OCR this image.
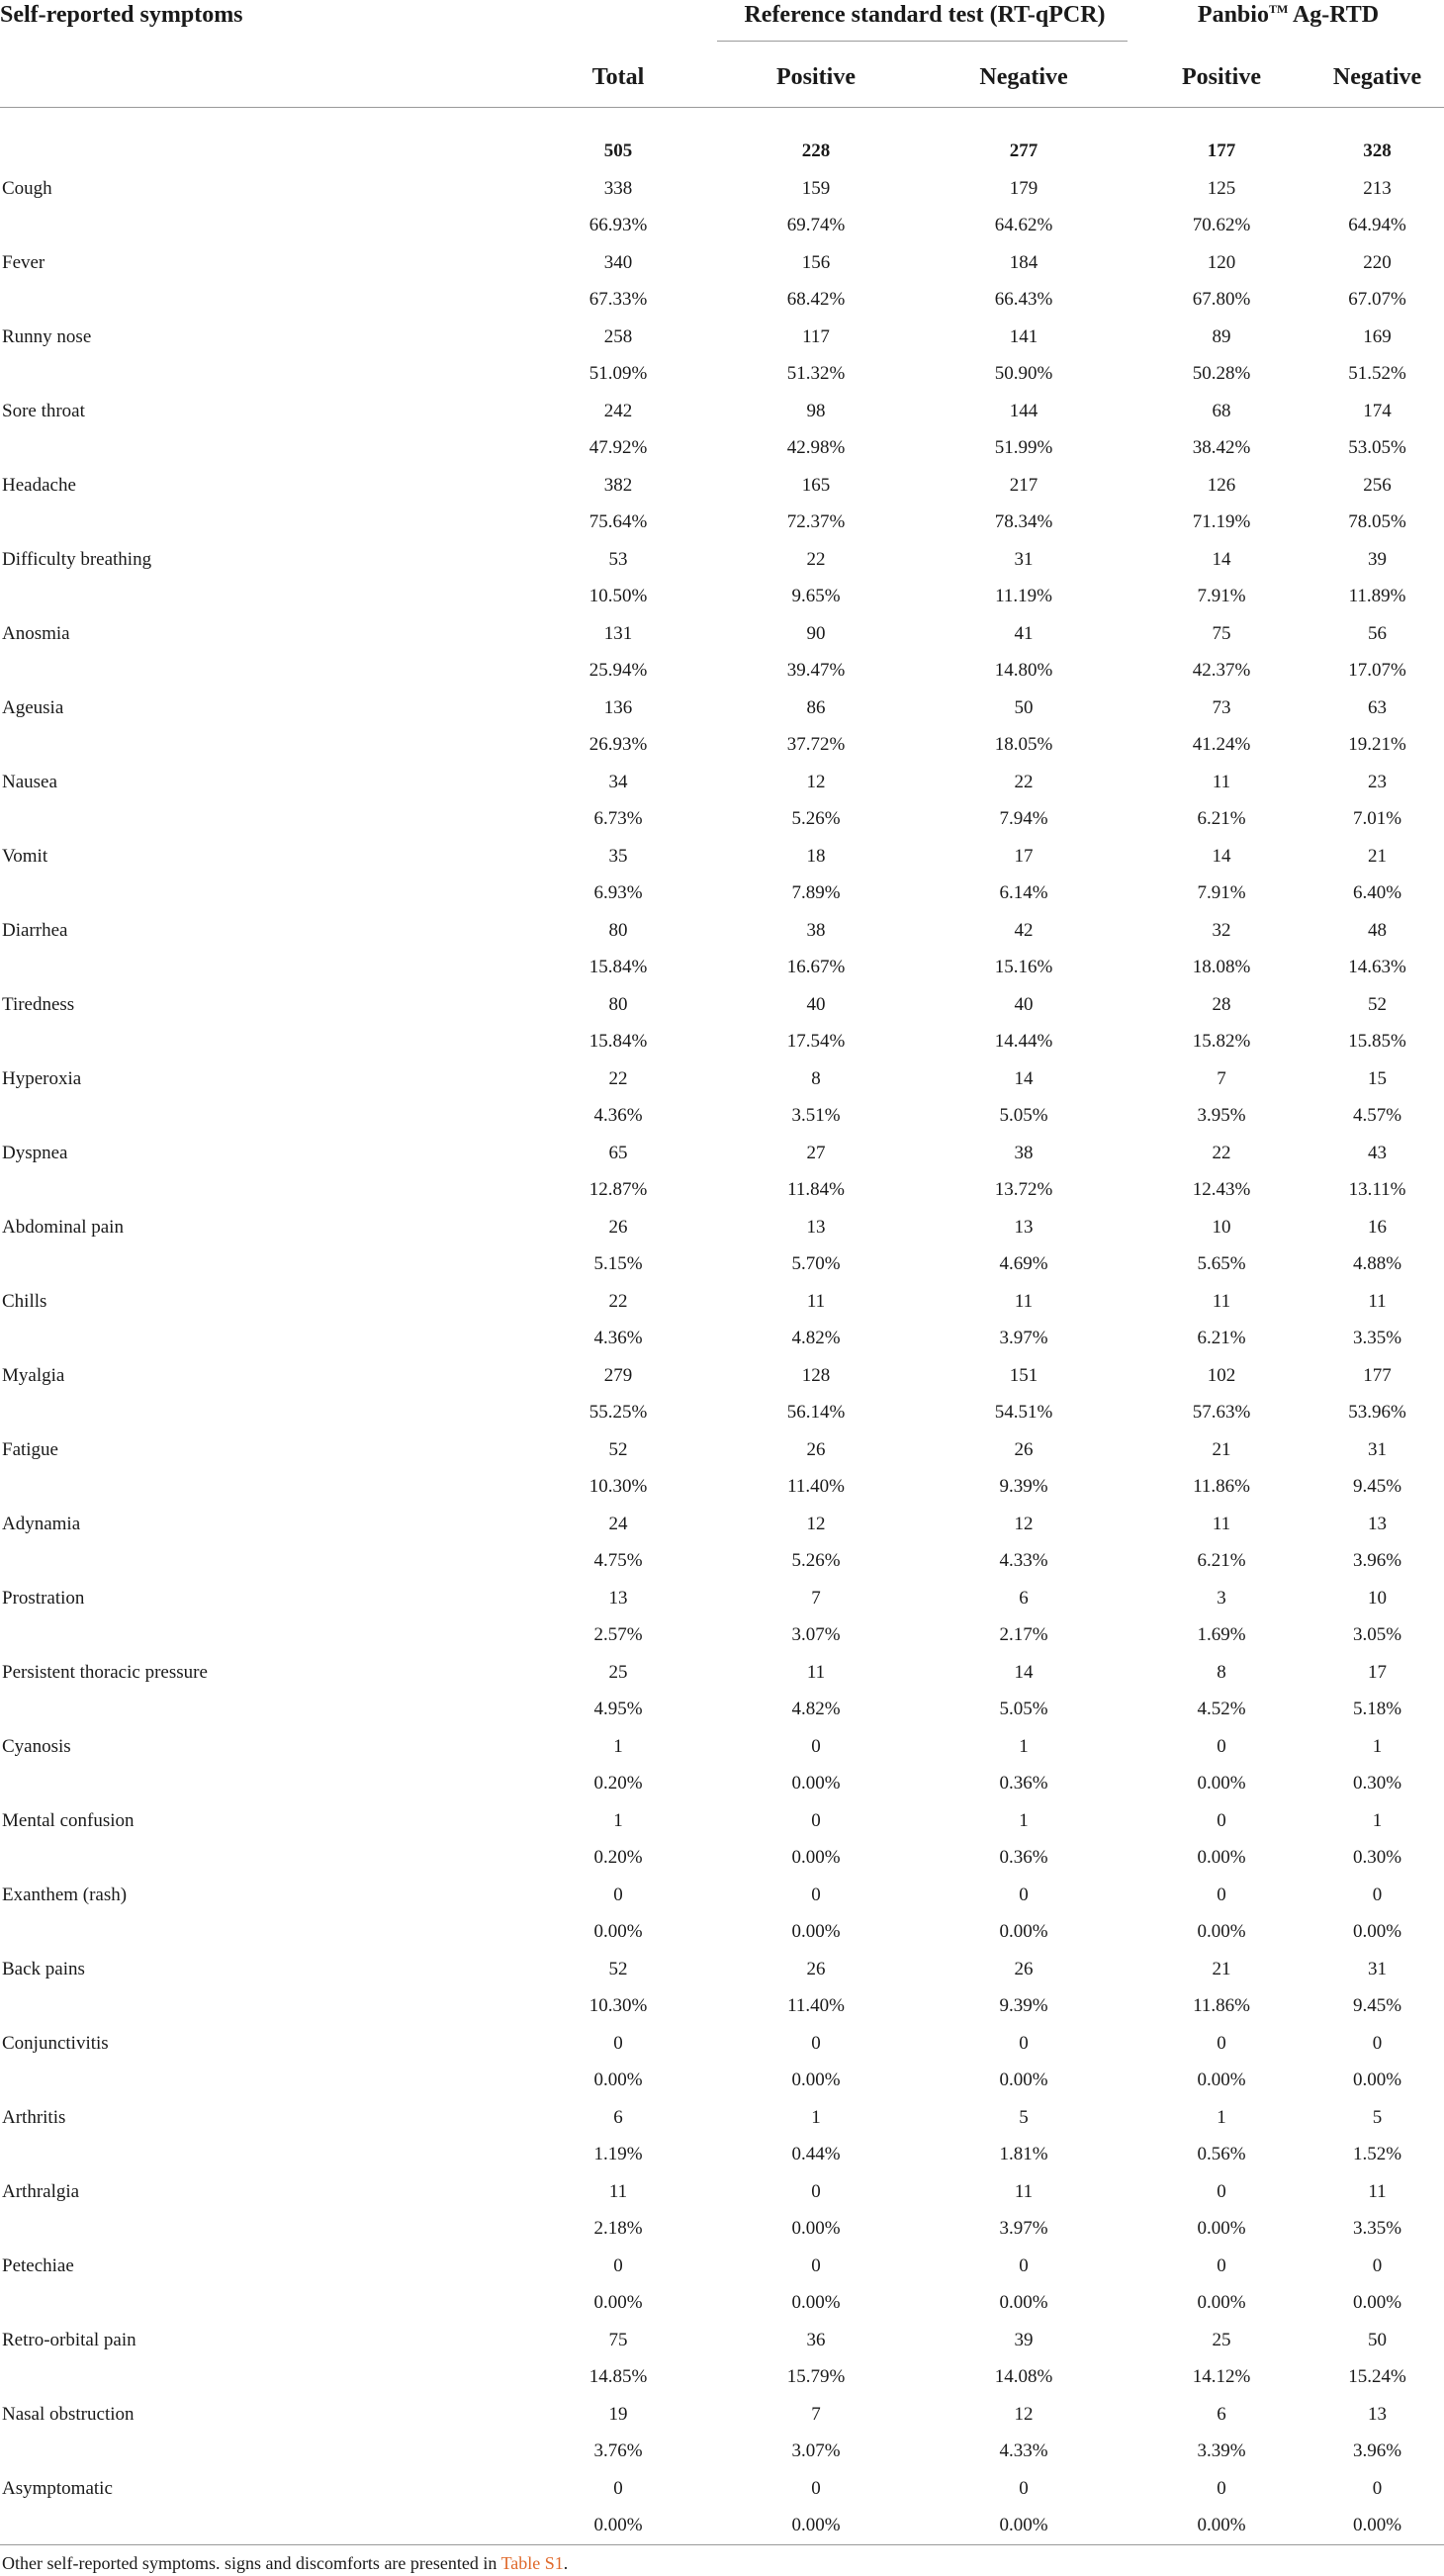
Self-reported symptoms		Reference standard test (RT-qPCR)		Panbio™ Ag-RTD	
	Total	Positive	Negative	Positive	Negative

	505	228	277	177	328
Cough	338	159	179	125	213
	66.93%	69.74%	64.62%	70.62%	64.94%
Fever	340	156	184	120	220
	67.33%	68.42%	66.43%	67.80%	67.07%
Runny nose	258	117	141	89	169
	51.09%	51.32%	50.90%	50.28%	51.52%
Sore throat	242	98	144	68	174
	47.92%	42.98%	51.99%	38.42%	53.05%
Headache	382	165	217	126	256
	75.64%	72.37%	78.34%	71.19%	78.05%
Difficulty breathing	53	22	31	14	39
	10.50%	9.65%	11.19%	7.91%	11.89%
Anosmia	131	90	41	75	56
	25.94%	39.47%	14.80%	42.37%	17.07%
Ageusia	136	86	50	73	63
	26.93%	37.72%	18.05%	41.24%	19.21%
Nausea	34	12	22	11	23
	6.73%	5.26%	7.94%	6.21%	7.01%
Vomit	35	18	17	14	21
	6.93%	7.89%	6.14%	7.91%	6.40%
Diarrhea	80	38	42	32	48
	15.84%	16.67%	15.16%	18.08%	14.63%
Tiredness	80	40	40	28	52
	15.84%	17.54%	14.44%	15.82%	15.85%
Hyperoxia	22	8	14	7	15
	4.36%	3.51%	5.05%	3.95%	4.57%
Dyspnea	65	27	38	22	43
	12.87%	11.84%	13.72%	12.43%	13.11%
Abdominal pain	26	13	13	10	16
	5.15%	5.70%	4.69%	5.65%	4.88%
Chills	22	11	11	11	11
	4.36%	4.82%	3.97%	6.21%	3.35%
Myalgia	279	128	151	102	177
	55.25%	56.14%	54.51%	57.63%	53.96%
Fatigue	52	26	26	21	31
	10.30%	11.40%	9.39%	11.86%	9.45%
Adynamia	24	12	12	11	13
	4.75%	5.26%	4.33%	6.21%	3.96%
Prostration	13	7	6	3	10
	2.57%	3.07%	2.17%	1.69%	3.05%
Persistent thoracic pressure	25	11	14	8	17
	4.95%	4.82%	5.05%	4.52%	5.18%
Cyanosis	1	0	1	0	1
	0.20%	0.00%	0.36%	0.00%	0.30%
Mental confusion	1	0	1	0	1
	0.20%	0.00%	0.36%	0.00%	0.30%
Exanthem (rash)	0	0	0	0	0
	0.00%	0.00%	0.00%	0.00%	0.00%
Back pains	52	26	26	21	31
	10.30%	11.40%	9.39%	11.86%	9.45%
Conjunctivitis	0	0	0	0	0
	0.00%	0.00%	0.00%	0.00%	0.00%
Arthritis	6	1	5	1	5
	1.19%	0.44%	1.81%	0.56%	1.52%
Arthralgia	11	0	11	0	11
	2.18%	0.00%	3.97%	0.00%	3.35%
Petechiae	0	0	0	0	0
	0.00%	0.00%	0.00%	0.00%	0.00%
Retro-orbital pain	75	36	39	25	50
	14.85%	15.79%	14.08%	14.12%	15.24%
Nasal obstruction	19	7	12	6	13
	3.76%	3.07%	4.33%	3.39%	3.96%
Asymptomatic	0	0	0	0	0
	0.00%	0.00%	0.00%	0.00%	0.00%
Other self-reported symptoms. signs and discomforts are presented in Table S1.
